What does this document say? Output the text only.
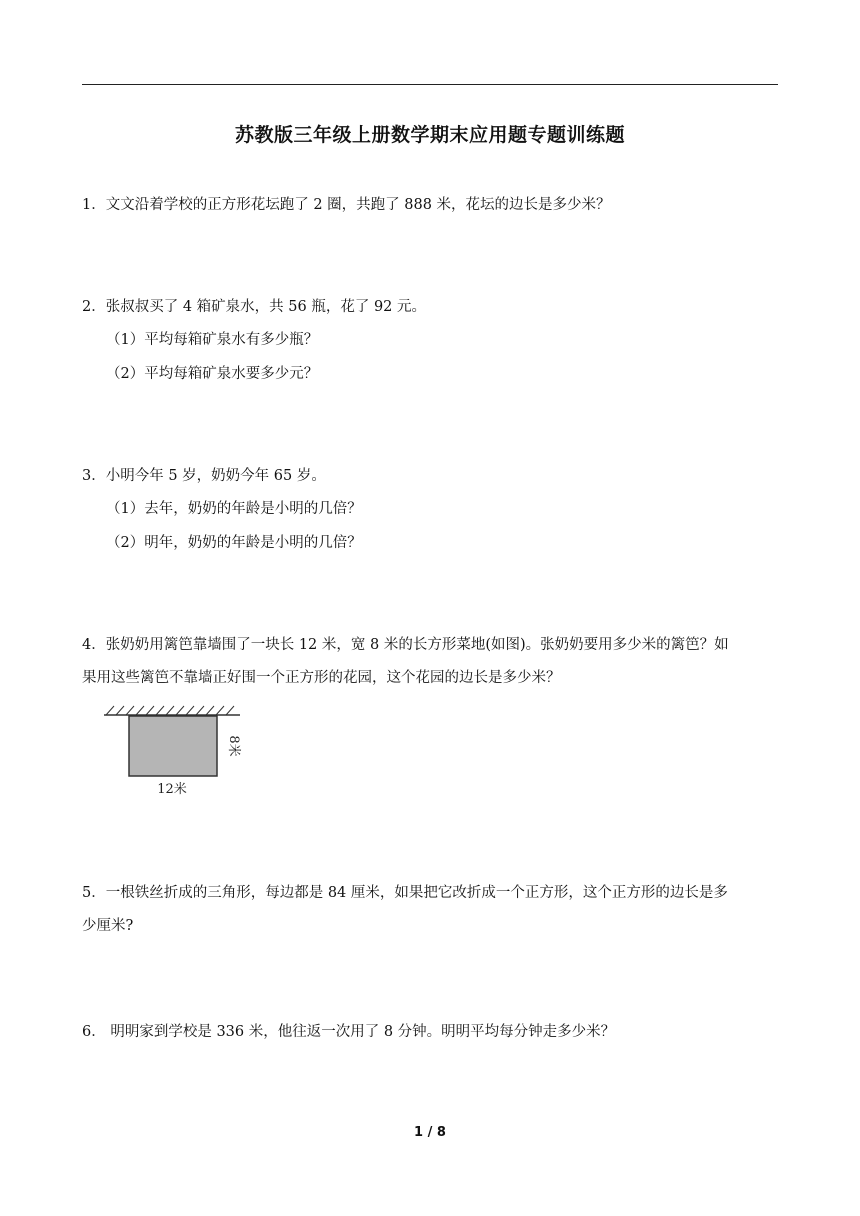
苏教版三年级上册数学期末应用题专题训练题
1．文文沿着学校的正方形花坛跑了 2 圈，共跑了 888 米，花坛的边长是多少米？
2．张叔叔买了 4 箱矿泉水，共 56 瓶，花了 92 元。
（1）平均每箱矿泉水有多少瓶？
（2）平均每箱矿泉水要多少元？
3．小明今年 5 岁，奶奶今年 65 岁。
（1）去年，奶奶的年龄是小明的几倍？
（2）明年，奶奶的年龄是小明的几倍？
4．张奶奶用篱笆靠墙围了一块长 12 米，宽 8 米的长方形菜地(如图)。张奶奶要用多少米的篱笆？如
果用这些篱笆不靠墙正好围一个正方形的花园，这个花园的边长是多少米？
12米
8米
5．一根铁丝折成的三角形，每边都是 84 厘米，如果把它改折成一个正方形，这个正方形的边长是多
少厘米?
6． 明明家到学校是 336 米，他往返一次用了 8 分钟。明明平均每分钟走多少米？
1 / 8
